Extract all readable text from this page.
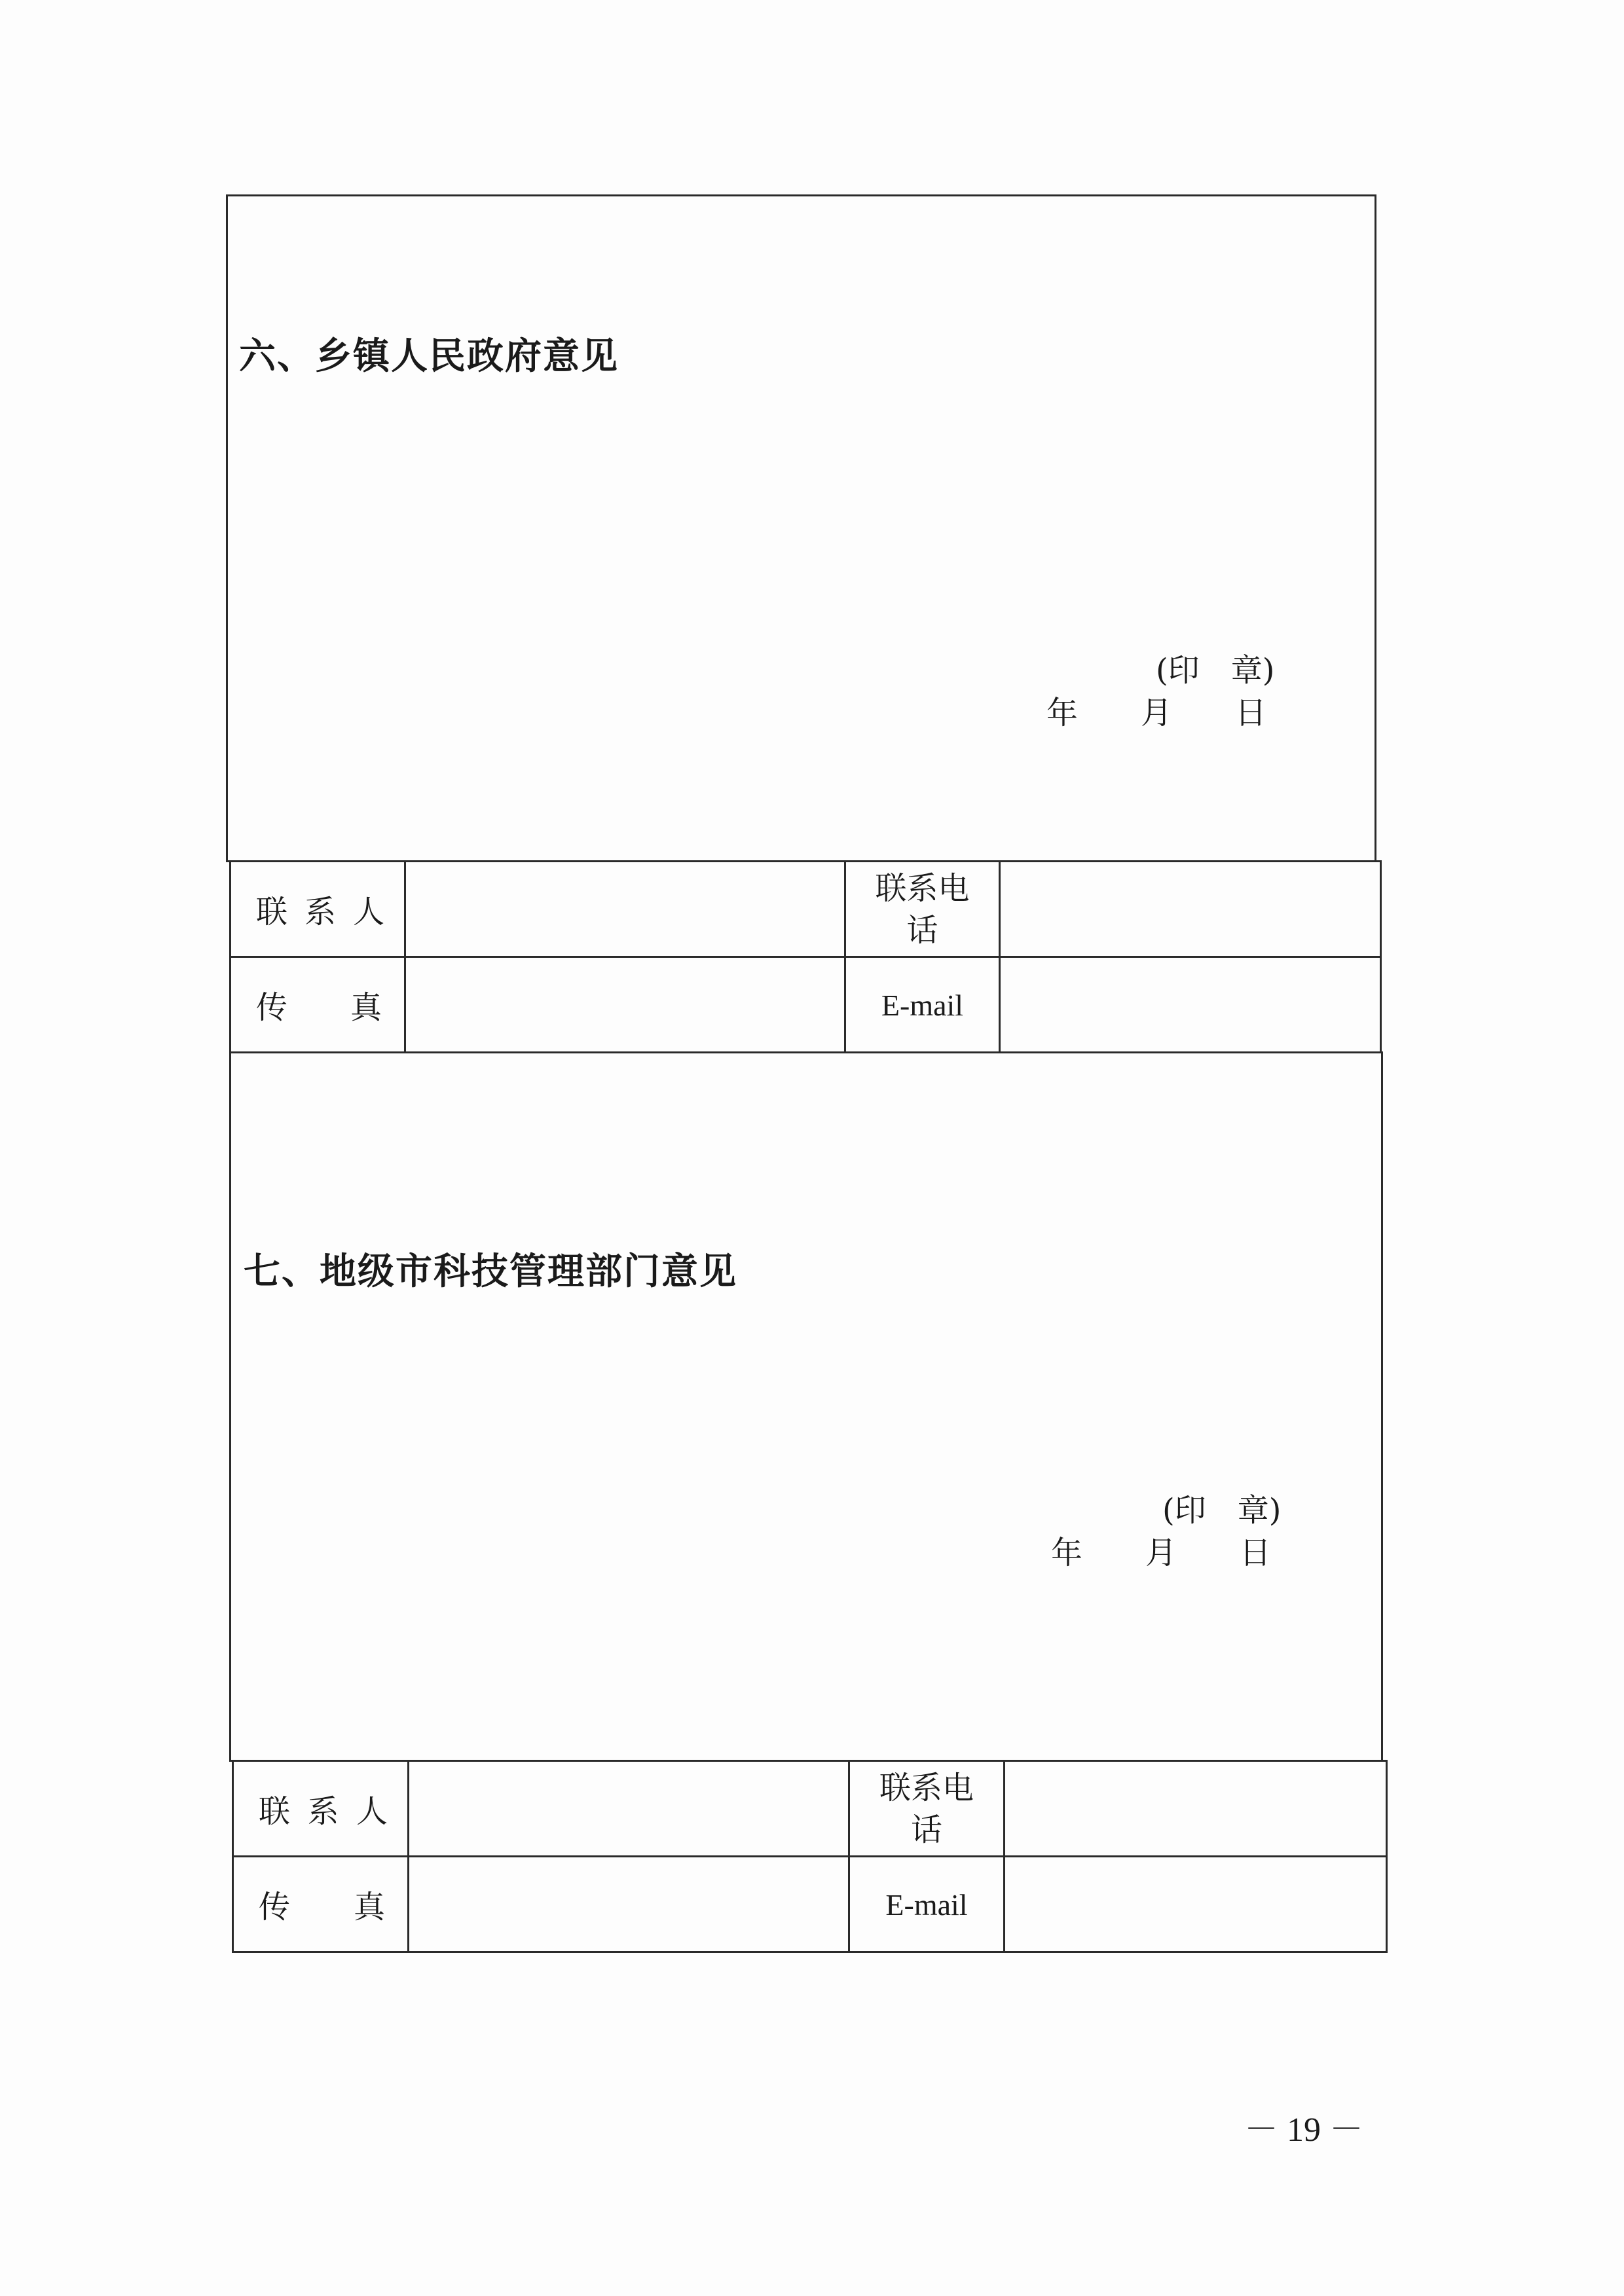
六、乡镇人民政府意见
(印　章)
年　　月　　日
联 系 人		联系电
话	

传 真		E-mail	
七、地级市科技管理部门意见
(印　章)
年　　月　　日
联 系 人		联系电
话	

传 真		E-mail	
－ 19 －
